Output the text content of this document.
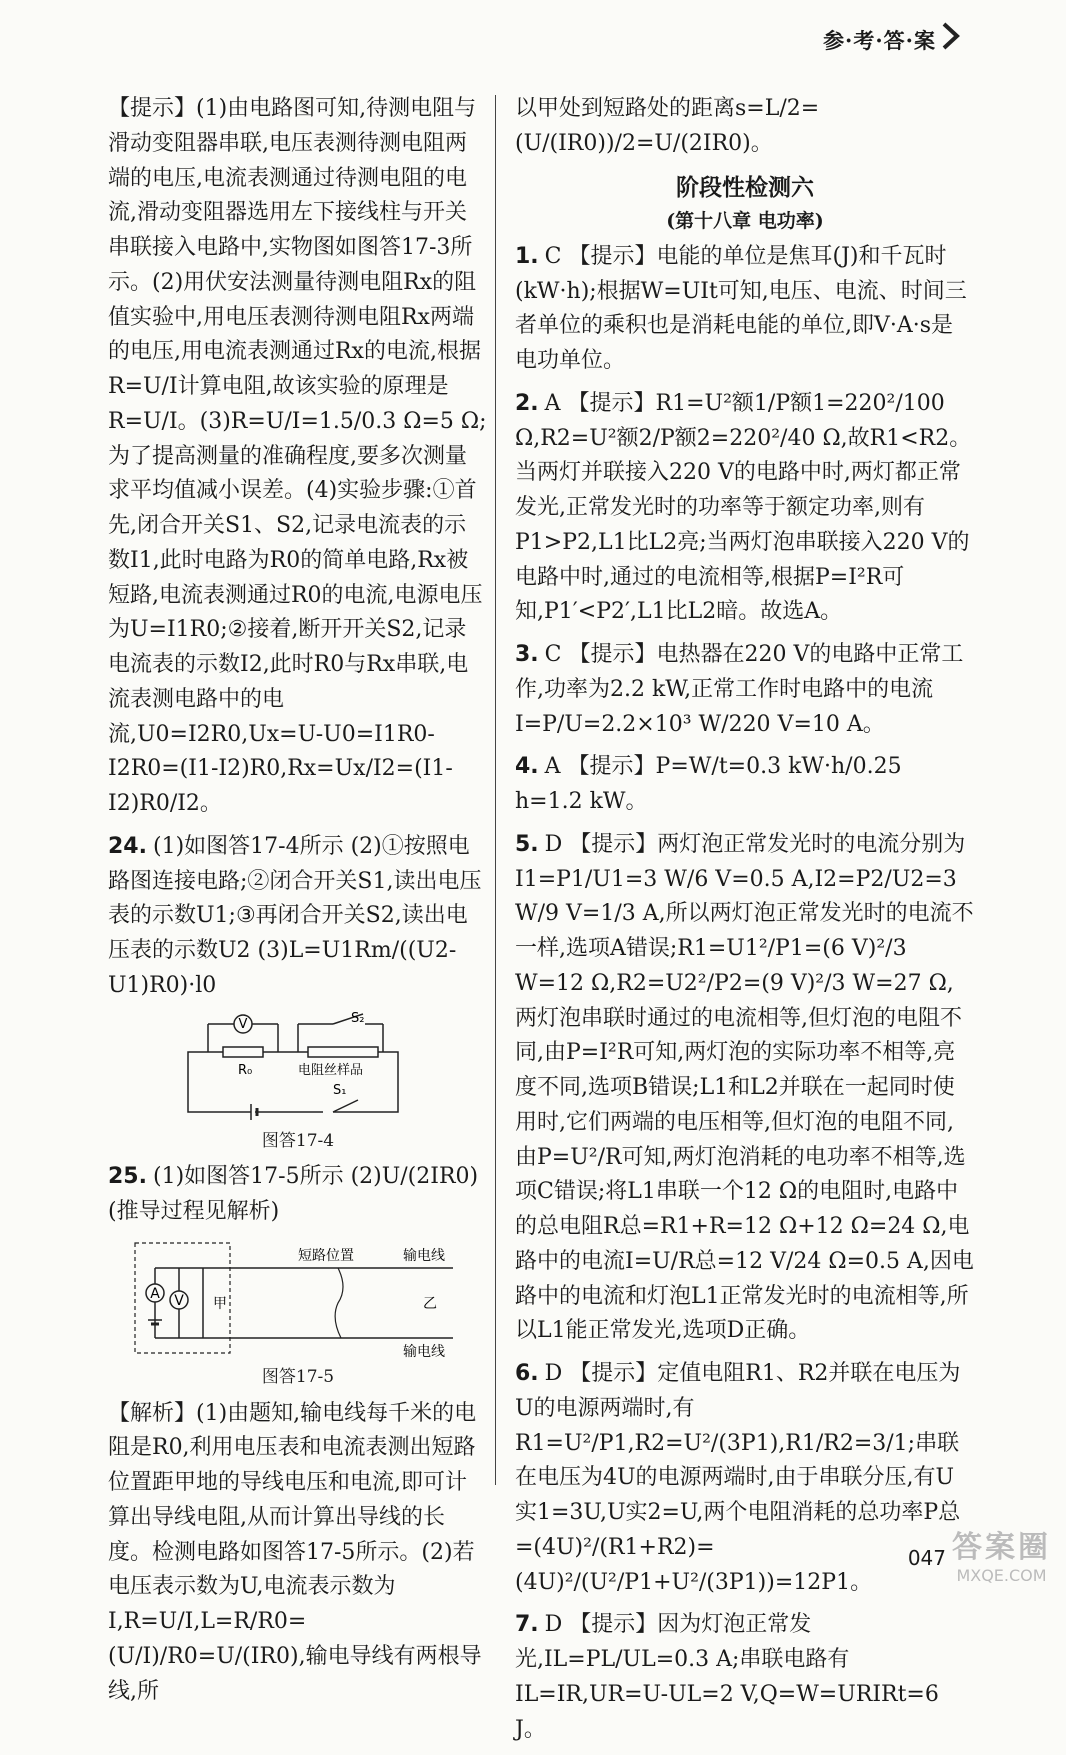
参·考·答·案

【提示】(1)由电路图可知,待测电阻与滑动变阻器串联,电压表测待测电阻两端的电压,电流表测通过待测电阻的电流,滑动变阻器选用左下接线柱与开关串联接入电路中,实物图如图答17-3所示。(2)用伏安法测量待测电阻Rx的阻值实验中,用电压表测待测电阻Rx两端的电压,用电流表测通过Rx的电流,根据R=U/I计算电阻,故该实验的原理是R=U/I。(3)R=U/I=1.5/0.3 Ω=5 Ω;为了提高测量的准确程度,要多次测量求平均值减小误差。(4)实验步骤:①首先,闭合开关S1、S2,记录电流表的示数I1,此时电路为R0的简单电路,Rx被短路,电流表测通过R0的电流,电源电压为U=I1R0;②接着,断开开关S2,记录电流表的示数I2,此时R0与Rx串联,电流表测电路中的电流,U0=I2R0,Ux=U-U0=I1R0-I2R0=(I1-I2)R0,Rx=Ux/I2=(I1-I2)R0/I2。

24. (1)如图答17-4所示 (2)①按照电路图连接电路;②闭合开关S1,读出电压表的示数U1;③再闭合开关S2,读出电压表的示数U2 (3)L=U1Rm/((U2-U1)R0)·l0

V	S₂
R₀	电阻丝样品
S₁
图答17-4

25. (1)如图答17-5所示 (2)U/(2IR0)(推导过程见解析)

短路位置	输电线
输电线
乙
甲
A V
图答17-5

【解析】(1)由题知,输电线每千米的电阻是R0,利用电压表和电流表测出短路位置距甲地的导线电压和电流,即可计算出导线电阻,从而计算出导线的长度。检测电路如图答17-5所示。(2)若电压表示数为U,电流表示数为I,R=U/I,L=R/R0=(U/I)/R0=U/(IR0),输电导线有两根导线,所

以甲处到短路处的距离s=L/2=(U/(IR0))/2=U/(2IR0)。

阶段性检测六
(第十八章 电功率)

1. C 【提示】电能的单位是焦耳(J)和千瓦时(kW·h);根据W=UIt可知,电压、电流、时间三者单位的乘积也是消耗电能的单位,即V·A·s是电功单位。

2. A 【提示】R1=U²额1/P额1=220²/100 Ω,R2=U²额2/P额2=220²/40 Ω,故R1<R2。当两灯并联接入220 V的电路中时,两灯都正常发光,正常发光时的功率等于额定功率,则有P1>P2,L1比L2亮;当两灯泡串联接入220 V的电路中时,通过的电流相等,根据P=I²R可知,P1′<P2′,L1比L2暗。故选A。

3. C 【提示】电热器在220 V的电路中正常工作,功率为2.2 kW,正常工作时电路中的电流I=P/U=2.2×10³ W/220 V=10 A。

4. A 【提示】P=W/t=0.3 kW·h/0.25 h=1.2 kW。

5. D 【提示】两灯泡正常发光时的电流分别为I1=P1/U1=3 W/6 V=0.5 A,I2=P2/U2=3 W/9 V=1/3 A,所以两灯泡正常发光时的电流不一样,选项A错误;R1=U1²/P1=(6 V)²/3 W=12 Ω,R2=U2²/P2=(9 V)²/3 W=27 Ω,两灯泡串联时通过的电流相等,但灯泡的电阻不同,由P=I²R可知,两灯泡的实际功率不相等,亮度不同,选项B错误;L1和L2并联在一起同时使用时,它们两端的电压相等,但灯泡的电阻不同,由P=U²/R可知,两灯泡消耗的电功率不相等,选项C错误;将L1串联一个12 Ω的电阻时,电路中的总电阻R总=R1+R=12 Ω+12 Ω=24 Ω,电路中的电流I=U/R总=12 V/24 Ω=0.5 A,因电路中的电流和灯泡L1正常发光时的电流相等,所以L1能正常发光,选项D正确。

6. D 【提示】定值电阻R1、R2并联在电压为U的电源两端时,有R1=U²/P1,R2=U²/(3P1),R1/R2=3/1;串联在电压为4U的电源两端时,由于串联分压,有U实1=3U,U实2=U,两个电阻消耗的总功率P总=(4U)²/(R1+R2)=(4U)²/(U²/P1+U²/(3P1))=12P1。

7. D 【提示】因为灯泡正常发光,IL=PL/UL=0.3 A;串联电路有IL=IR,UR=U-UL=2 V,Q=W=URIRt=6 J。

047 答案圈
MXQE.COM
